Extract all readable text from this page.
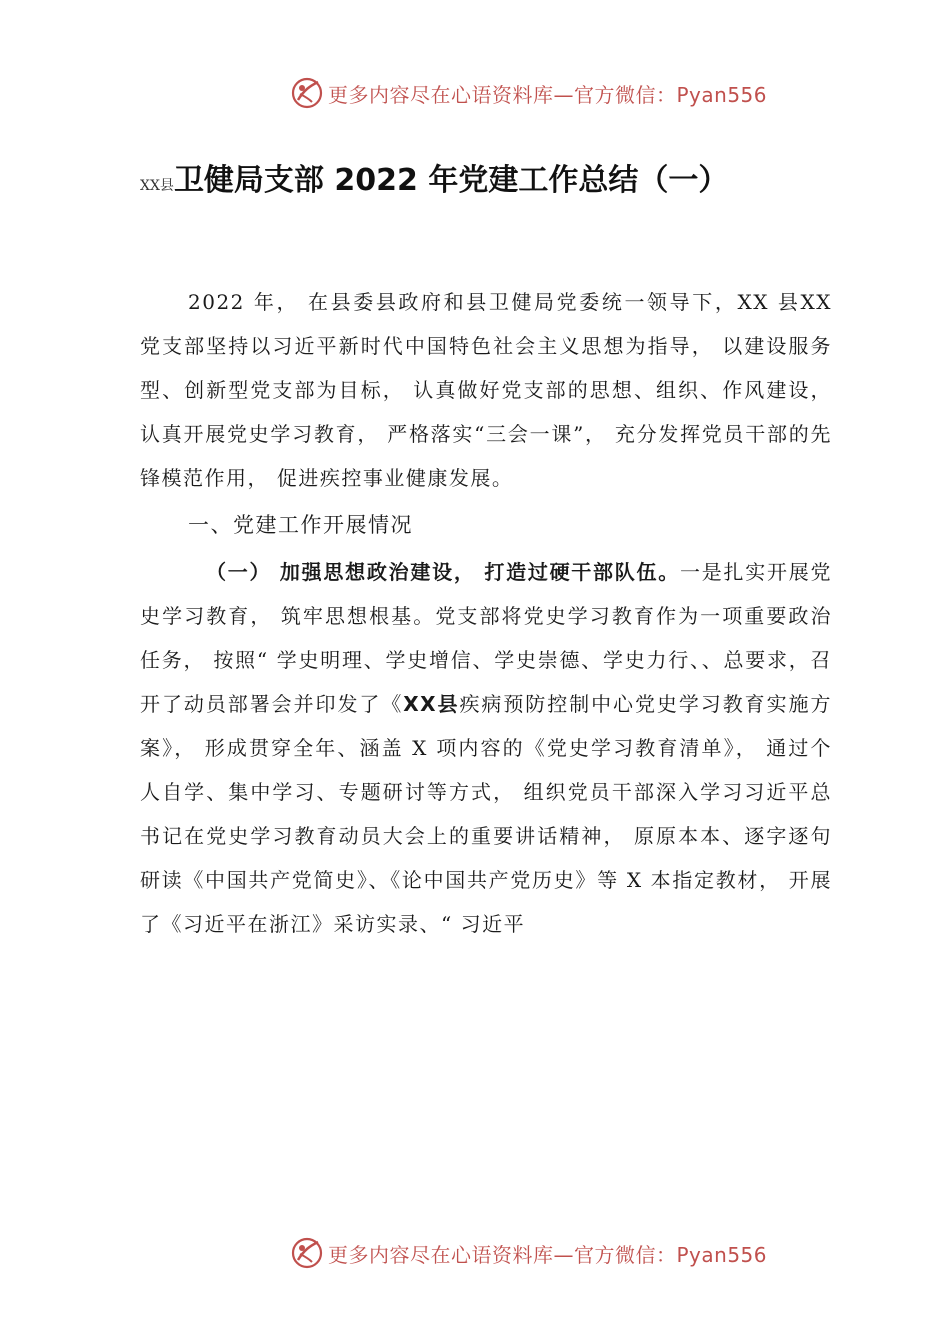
更多内容尽在心语资料库—官方微信：Pyan556
XX县卫健局支部 2022 年党建工作总结（一）

2022 年， 在县委县政府和县卫健局党委统一领导下，XX 县XX 党支部坚持以习近平新时代中国特色社会主义思想为指导， 以建设服务型、创新型党支部为目标， 认真做好党支部的思想、组织、作风建设， 认真开展党史学习教育， 严格落实“三会一课”， 充分发挥党员干部的先锋模范作用， 促进疾控事业健康发展。

一、党建工作开展情况

（一） 加强思想政治建设， 打造过硬干部队伍。一是扎实开展党史学习教育， 筑牢思想根基。党支部将党史学习教育作为一项重要政治任务， 按照“ 学史明理、学史增信、学史崇德、学史力行、、总要求，召开了动员部署会并印发了《XX县疾病预防控制中心党史学习教育实施方案》， 形成贯穿全年、涵盖 X 项内容的《党史学习教育清单》， 通过个人自学、集中学习、专题研讨等方式， 组织党员干部深入学习习近平总书记在党史学习教育动员大会上的重要讲话精神， 原原本本、逐字逐句研读《中国共产党简史》、《论中国共产党历史》等 X 本指定教材， 开展了《习近平在浙江》采访实录、“ 习近平

更多内容尽在心语资料库—官方微信：Pyan556
